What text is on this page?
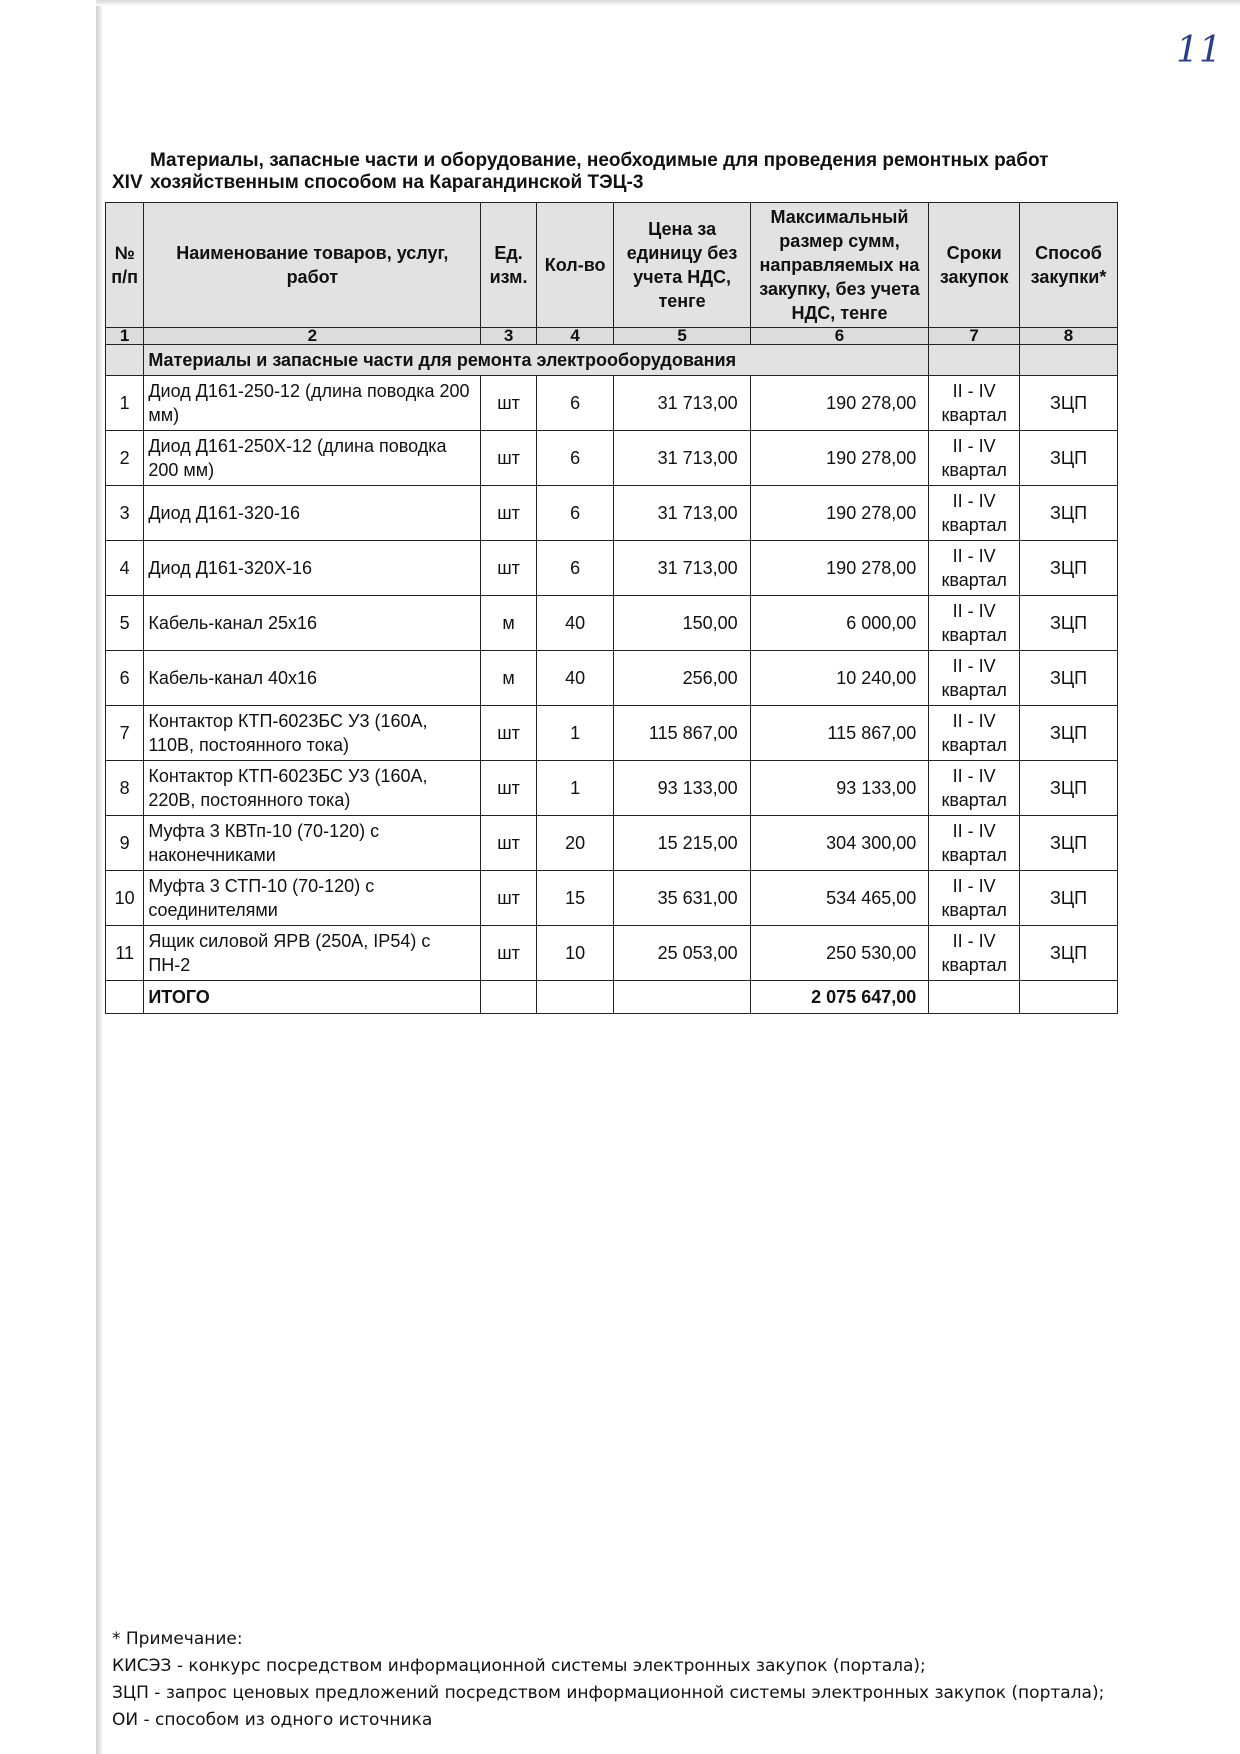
11
XIV
Материалы, запасные части и оборудование, необходимые для проведения ремонтных работ хозяйственным способом на Карагандинской ТЭЦ-3
№ п/п	Наименование товаров, услуг, работ	Ед. изм.	Кол-во	Цена за единицу без учета НДС, тенге	Максимальный размер сумм, направляемых на закупку, без учета НДС, тенге	Сроки закупок	Способ закупки*
1	2	3	4	5	6	7	8
	Материалы и запасные части для ремонта электрооборудования						
1	Диод Д161-250-12 (длина поводка 200 мм)	шт	6	31 713,00	190 278,00	II - IV квартал	ЗЦП
2	Диод Д161-250Х-12 (длина поводка 200 мм)	шт	6	31 713,00	190 278,00	II - IV квартал	ЗЦП
3	Диод Д161-320-16	шт	6	31 713,00	190 278,00	II - IV квартал	ЗЦП
4	Диод Д161-320Х-16	шт	6	31 713,00	190 278,00	II - IV квартал	ЗЦП
5	Кабель-канал 25х16	м	40	150,00	6 000,00	II - IV квартал	ЗЦП
6	Кабель-канал 40х16	м	40	256,00	10 240,00	II - IV квартал	ЗЦП
7	Контактор КТП-6023БС У3 (160А, 110В, постоянного тока)	шт	1	115 867,00	115 867,00	II - IV квартал	ЗЦП
8	Контактор КТП-6023БС У3 (160А, 220В, постоянного тока)	шт	1	93 133,00	93 133,00	II - IV квартал	ЗЦП
9	Муфта 3 КВТп-10 (70-120) с наконечниками	шт	20	15 215,00	304 300,00	II - IV квартал	ЗЦП
10	Муфта 3 СТП-10 (70-120) с соединителями	шт	15	35 631,00	534 465,00	II - IV квартал	ЗЦП
11	Ящик силовой ЯРВ (250А, IP54) с ПН-2	шт	10	25 053,00	250 530,00	II - IV квартал	ЗЦП
	ИТОГО				2 075 647,00		
* Примечание:
КИСЭЗ - конкурс посредством информационной системы электронных закупок (портала);
ЗЦП - запрос ценовых предложений посредством информационной системы электронных закупок (портала);
ОИ - способом из одного источника
